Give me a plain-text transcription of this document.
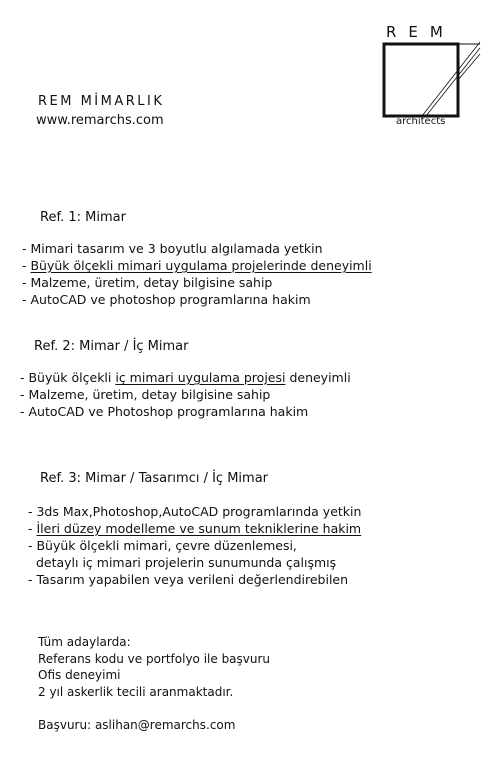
REM
architects
REM MİMARLIK
www.remarchs.com
Ref. 1: Mimar
- Mimari tasarım ve 3 boyutlu algılamada yetkin
- Büyük ölçekli mimari uygulama projelerinde deneyimli
- Malzeme, üretim, detay bilgisine sahip
- AutoCAD ve photoshop programlarına hakim
Ref. 2: Mimar / İç Mimar
- Büyük ölçekli iç mimari uygulama projesi deneyimli
- Malzeme, üretim, detay bilgisine sahip
- AutoCAD ve Photoshop programlarına hakim
Ref. 3: Mimar / Tasarımcı / İç Mimar
- 3ds Max,Photoshop,AutoCAD programlarında yetkin
- İleri düzey modelleme ve sunum tekniklerine hakim
- Büyük ölçekli mimari, çevre düzenlemesi,
detaylı iç mimari projelerin sunumunda çalışmış
- Tasarım yapabilen veya verileni değerlendirebilen
Tüm adaylarda:
Referans kodu ve portfolyo ile başvuru
Ofis deneyimi
2 yıl askerlik tecili aranmaktadır.
Başvuru: aslihan@remarchs.com
